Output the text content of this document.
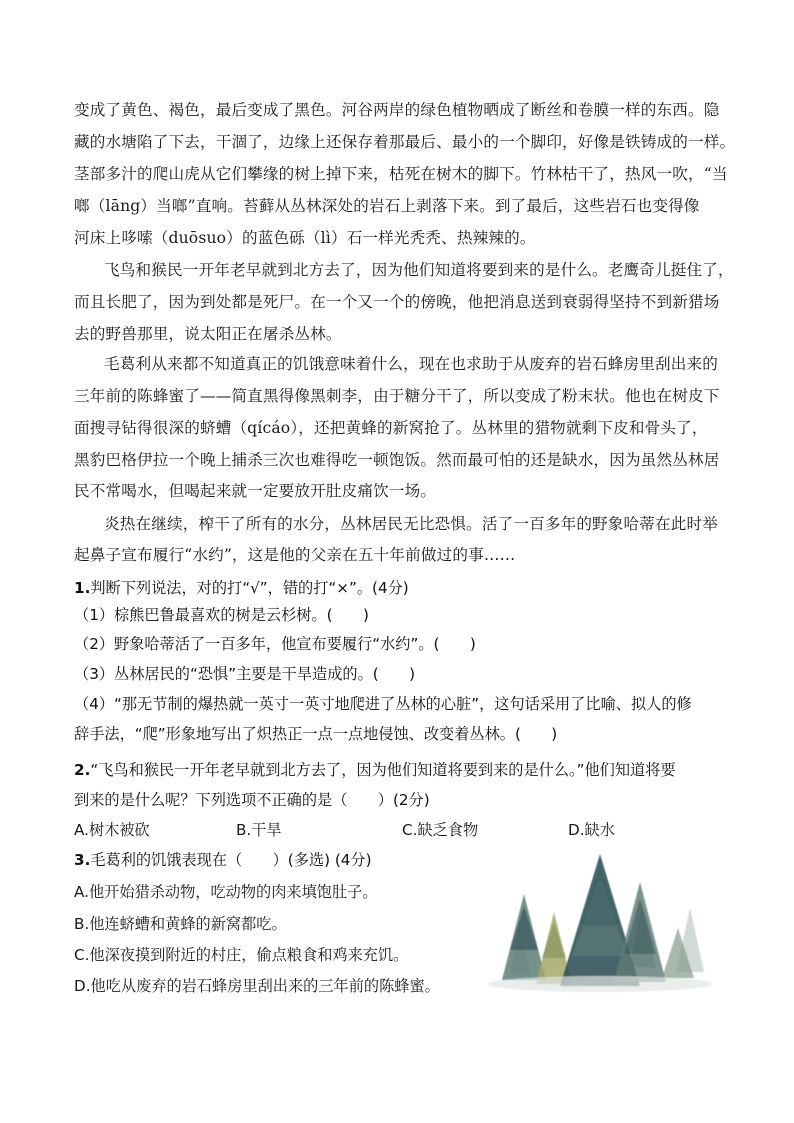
变成了黄色、褐色，最后变成了黑色。河谷两岸的绿色植物晒成了断丝和卷膜一样的东西。隐
藏的水塘陷了下去，干涸了，边缘上还保存着那最后、最小的一个脚印，好像是铁铸成的一样。
茎部多汁的爬山虎从它们攀缘的树上掉下来，枯死在树木的脚下。竹林枯干了，热风一吹，“当
啷（lāng）当啷”直响。苔藓从丛林深处的岩石上剥落下来。到了最后，这些岩石也变得像
河床上哆嗦（duōsuo）的蓝色砾（lì）石一样光秃秃、热辣辣的。
飞鸟和猴民一开年老早就到北方去了，因为他们知道将要到来的是什么。老鹰奇儿挺住了，
而且长肥了，因为到处都是死尸。在一个又一个的傍晚，他把消息送到衰弱得坚持不到新猎场
去的野兽那里，说太阳正在屠杀丛林。
毛葛利从来都不知道真正的饥饿意味着什么，现在也求助于从废弃的岩石蜂房里刮出来的
三年前的陈蜂蜜了——简直黑得像黑刺李，由于糖分干了，所以变成了粉末状。他也在树皮下
面搜寻钻得很深的蛴螬（qícáo），还把黄蜂的新窝抢了。丛林里的猎物就剩下皮和骨头了，
黑豹巴格伊拉一个晚上捕杀三次也难得吃一顿饱饭。然而最可怕的还是缺水，因为虽然丛林居
民不常喝水，但喝起来就一定要放开肚皮痛饮一场。
炎热在继续，榨干了所有的水分，丛林居民无比恐惧。活了一百多年的野象哈蒂在此时举
起鼻子宣布履行“水约”，这是他的父亲在五十年前做过的事……
1.判断下列说法，对的打“√”，错的打“×”。(4分)
（1）棕熊巴鲁最喜欢的树是云杉树。(　　)
（2）野象哈蒂活了一百多年，他宣布要履行“水约”。(　　)
（3）丛林居民的“恐惧”主要是干旱造成的。(　　)
（4）“那无节制的爆热就一英寸一英寸地爬进了丛林的心脏”，这句话采用了比喻、拟人的修
辞手法，“爬”形象地写出了炽热正一点一点地侵蚀、改变着丛林。(　　)
2.“飞鸟和猴民一开年老早就到北方去了，因为他们知道将要到来的是什么。”他们知道将要
到来的是什么呢？下列选项不正确的是（　　）(2分)
A.树木被砍	B.干旱	C.缺乏食物	D.缺水
3.毛葛利的饥饿表现在（　　）(多选) (4分)
A.他开始猎杀动物，吃动物的肉来填饱肚子。
B.他连蛴螬和黄蜂的新窝都吃。
C.他深夜摸到附近的村庄，偷点粮食和鸡来充饥。
D.他吃从废弃的岩石蜂房里刮出来的三年前的陈蜂蜜。
